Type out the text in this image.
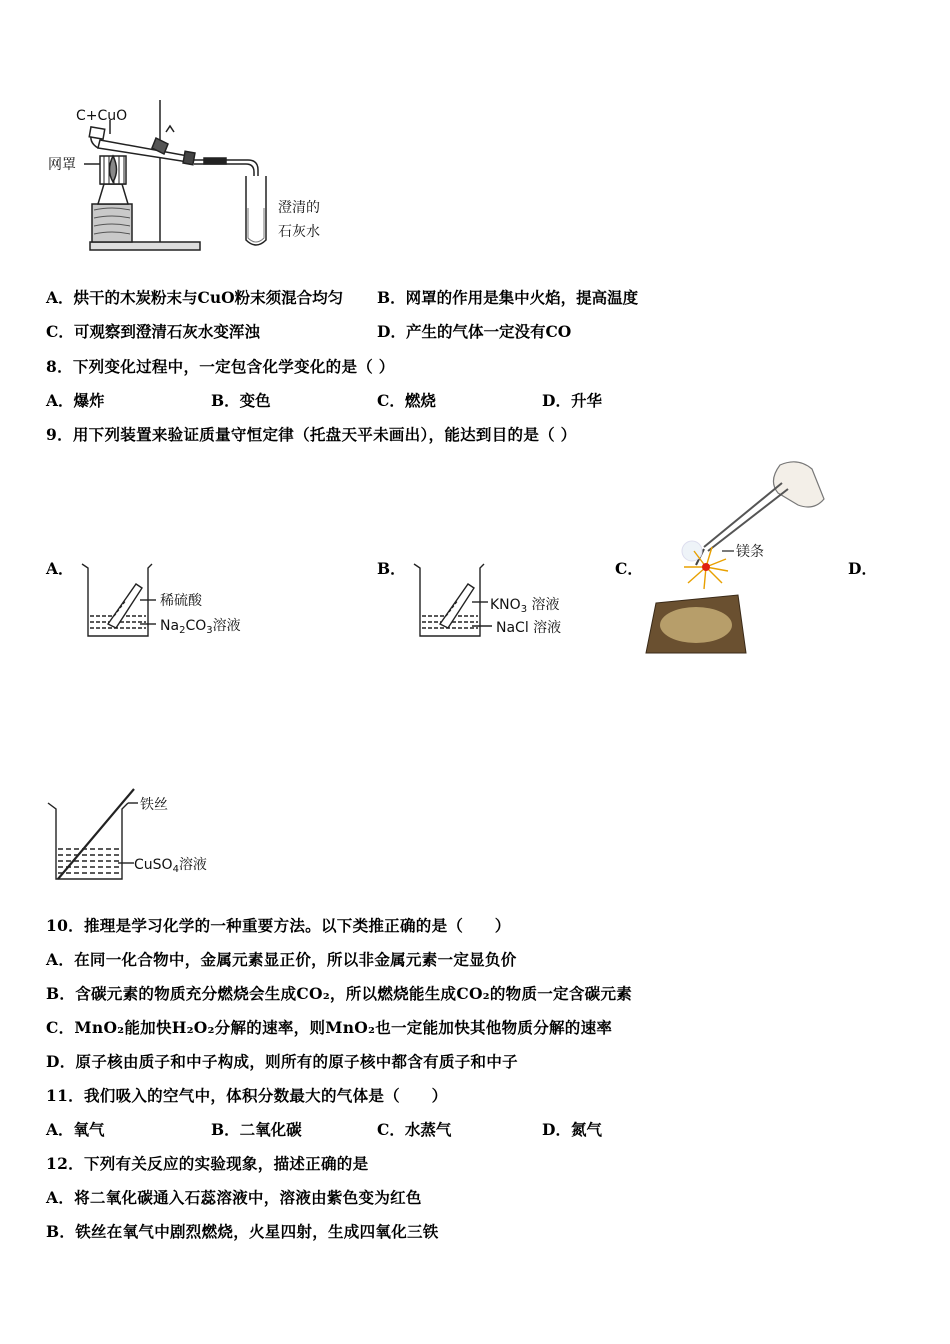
C+CuO
网罩
澄清的
石灰水
A．烘干的木炭粉末与CuO粉末须混合均匀 B．网罩的作用是集中火焰，提高温度
C．可观察到澄清石灰水变浑浊	D．产生的气体一定没有CO
8．下列变化过程中，一定包含化学变化的是（ ）
A．爆炸	B．变色	C．燃烧	D．升华
9．用下列装置来验证质量守恒定律（托盘天平未画出），能达到目的是（ ）
A．	B．	C．	D．
稀硫酸
$Na_2CO_3$溶液
$KNO_3$ 溶液
NaCl 溶液
镁条
铁丝
CuSO$_4$溶液
10．推理是学习化学的一种重要方法。以下类推正确的是（　　）
A．在同一化合物中，金属元素显正价，所以非金属元素一定显负价
B．含碳元素的物质充分燃烧会生成CO₂，所以燃烧能生成CO₂的物质一定含碳元素
C．MnO₂能加快H₂O₂分解的速率，则MnO₂也一定能加快其他物质分解的速率
D．原子核由质子和中子构成，则所有的原子核中都含有质子和中子
11．我们吸入的空气中，体积分数最大的气体是（　　）
A．氧气	B．二氧化碳	C．水蒸气	D．氮气
12．下列有关反应的实验现象，描述正确的是
A．将二氧化碳通入石蕊溶液中，溶液由紫色变为红色
B．铁丝在氧气中剧烈燃烧，火星四射，生成四氧化三铁
